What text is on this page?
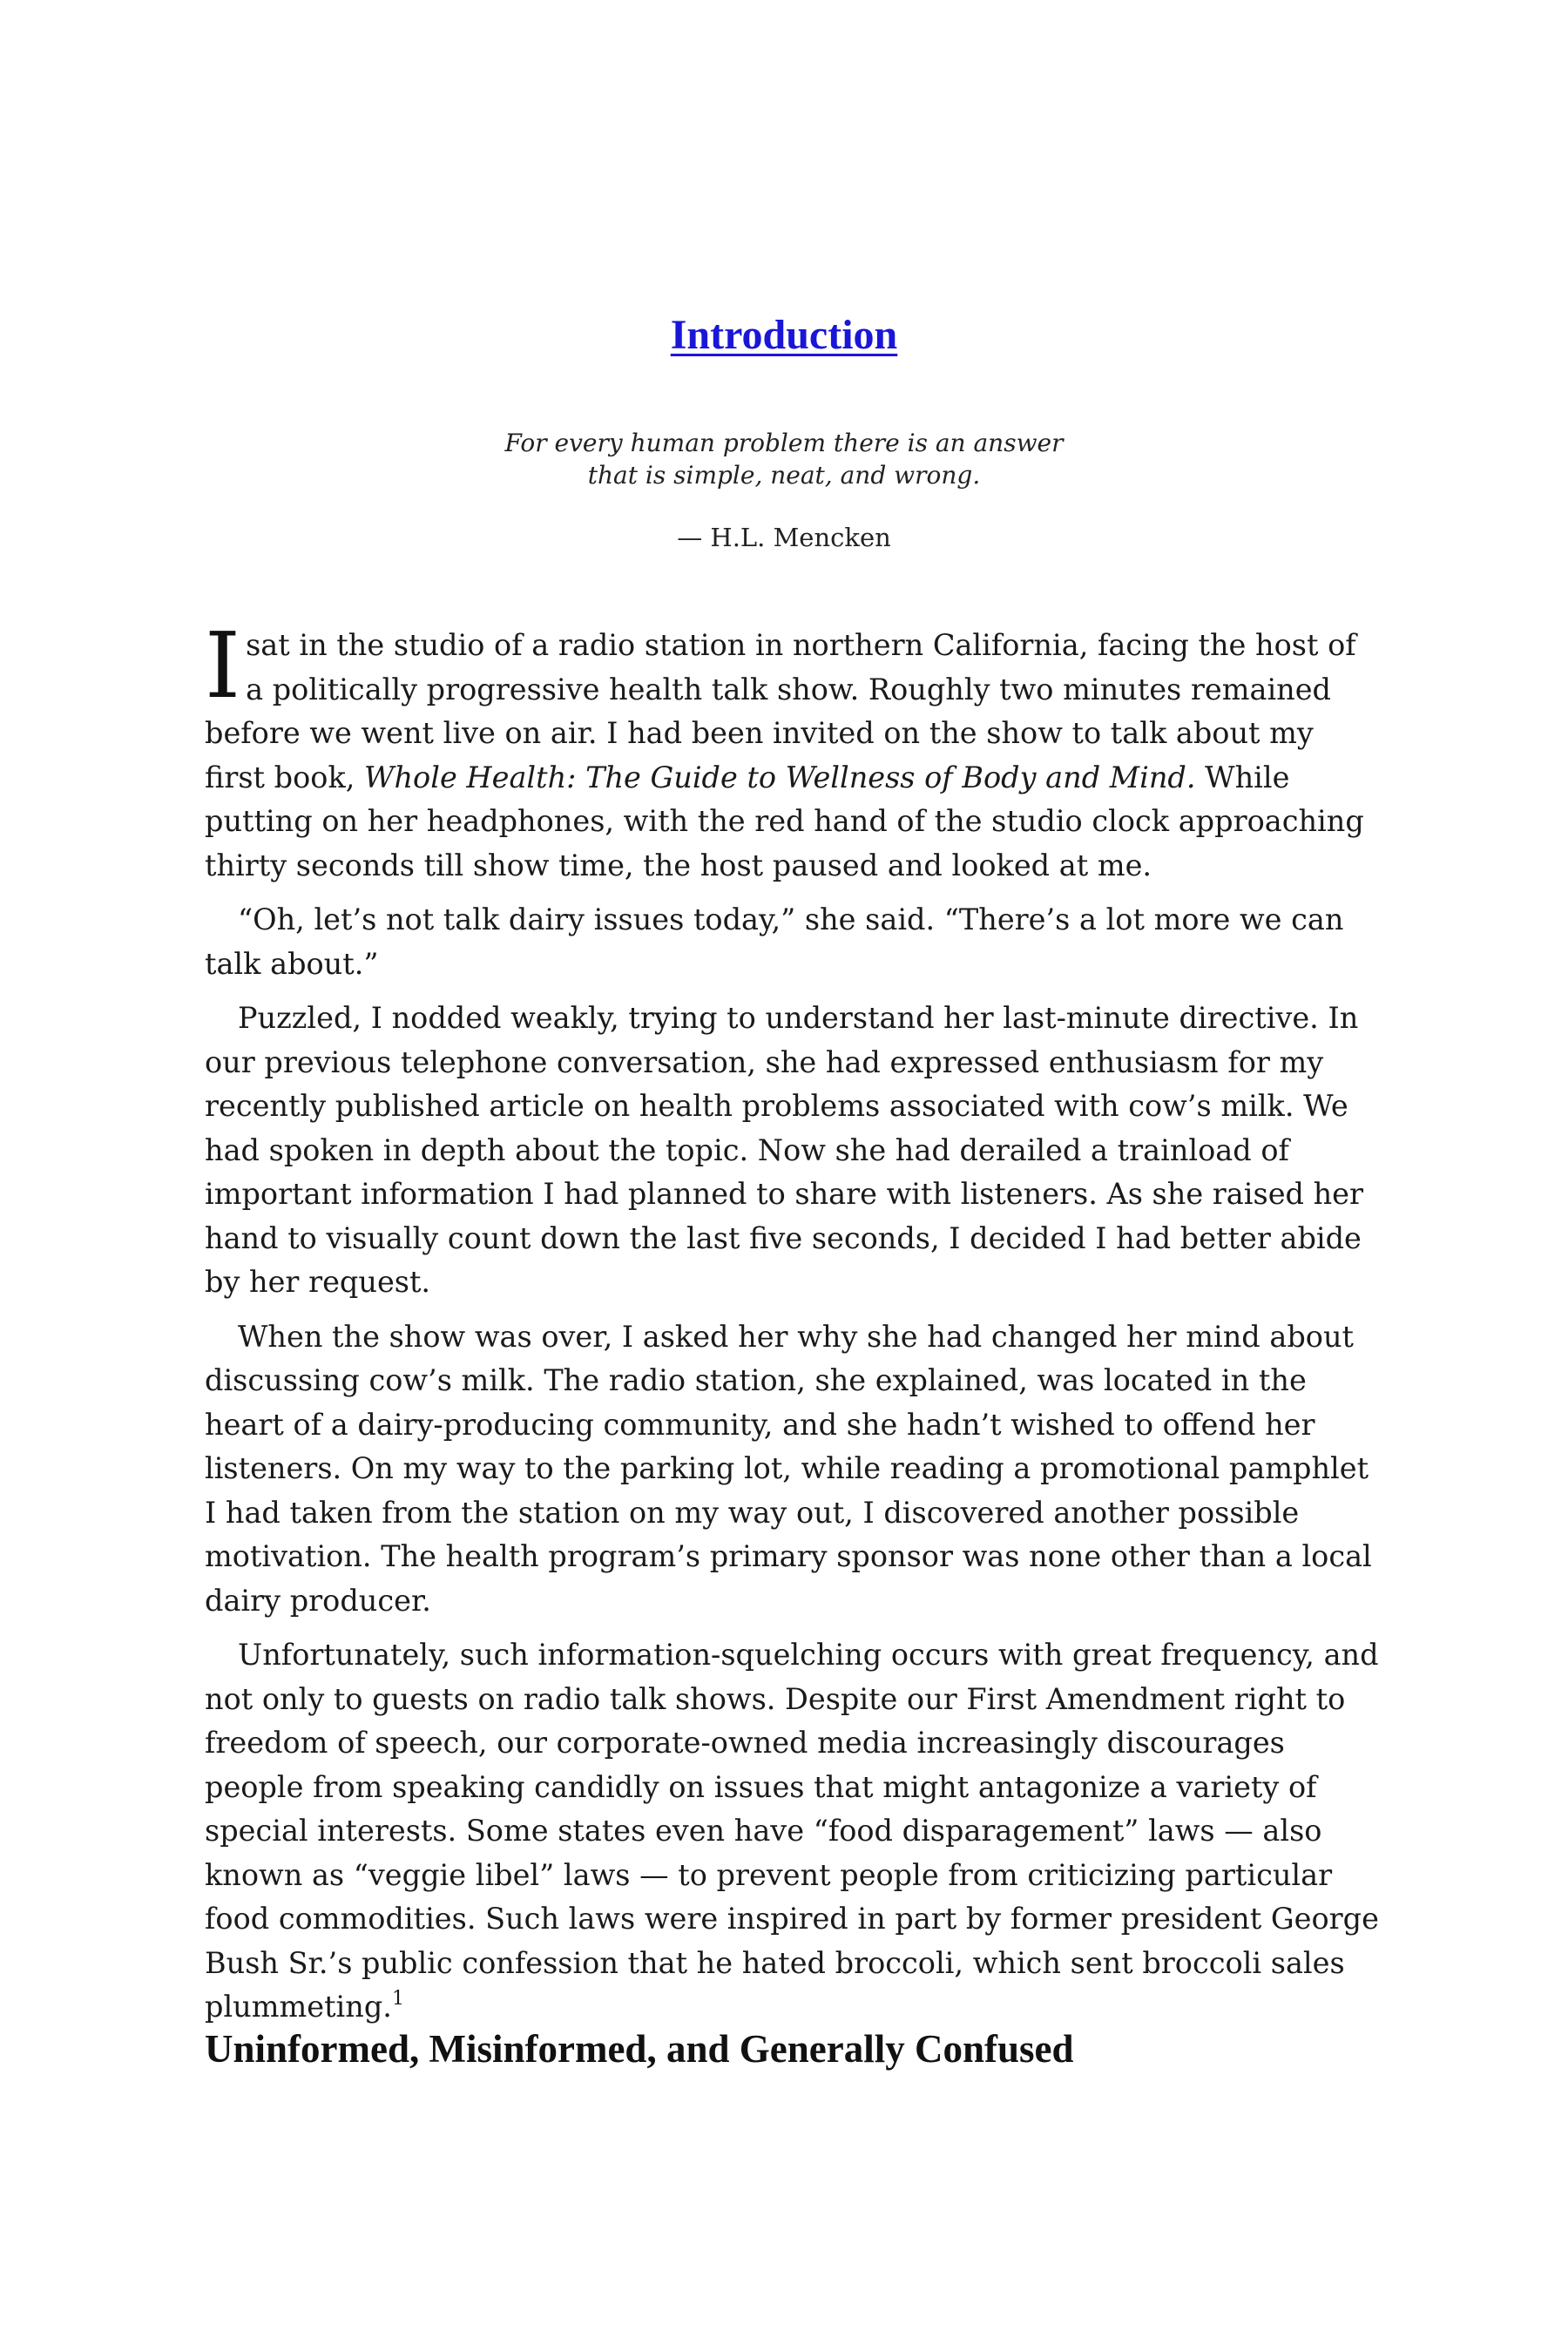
Introduction
For every human problem there is an answer
that is simple, neat, and wrong.
— H.L. Mencken

I sat in the studio of a radio station in northern California, facing the host of a politically progressive health talk show. Roughly two minutes remained before we went live on air. I had been invited on the show to talk about my first book, Whole Health: The Guide to Wellness of Body and Mind. While putting on her headphones, with the red hand of the studio clock approaching thirty seconds till show time, the host paused and looked at me.

“Oh, let’s not talk dairy issues today,” she said. “There’s a lot more we can talk about.”

Puzzled, I nodded weakly, trying to understand her last-minute directive. In our previous telephone conversation, she had expressed enthusiasm for my recently published article on health problems associated with cow’s milk. We had spoken in depth about the topic. Now she had derailed a trainload of important information I had planned to share with listeners. As she raised her hand to visually count down the last five seconds, I decided I had better abide by her request.

When the show was over, I asked her why she had changed her mind about discussing cow’s milk. The radio station, she explained, was located in the heart of a dairy-producing community, and she hadn’t wished to offend her listeners. On my way to the parking lot, while reading a promotional pamphlet I had taken from the station on my way out, I discovered another possible motivation. The health program’s primary sponsor was none other than a local dairy producer.

Unfortunately, such information-squelching occurs with great frequency, and not only to guests on radio talk shows. Despite our First Amendment right to freedom of speech, our corporate-owned media increasingly discourages people from speaking candidly on issues that might antagonize a variety of special interests. Some states even have “food disparagement” laws — also known as “veggie libel” laws — to prevent people from criticizing particular food commodities. Such laws were inspired in part by former president George Bush Sr.’s public confession that he hated broccoli, which sent broccoli sales plummeting.$^1$

Uninformed, Misinformed, and Generally Confused
